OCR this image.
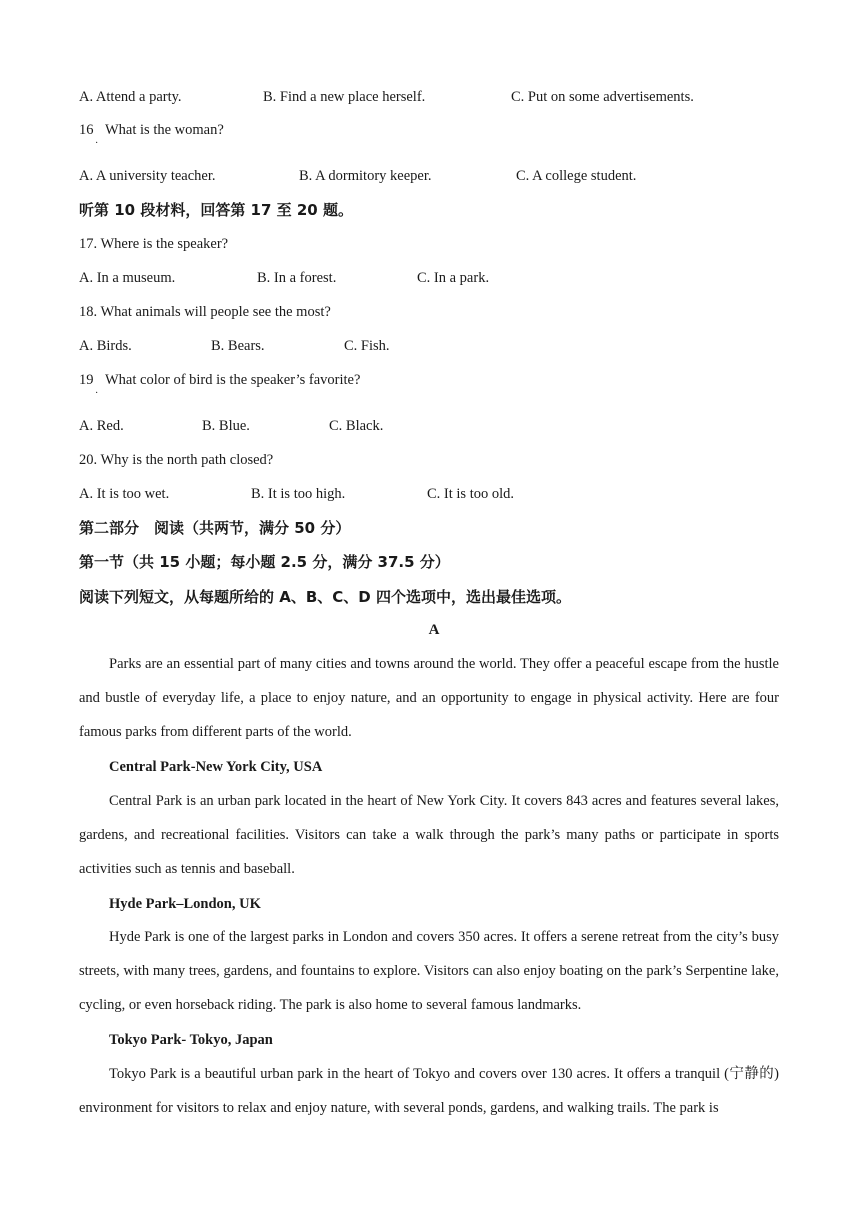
A. Attend a party.	B. Find a new place herself.	C. Put on some advertisements.
16
·
What is the woman?
A. A university teacher.	B. A dormitory keeper.	C. A college student.
听第 10 段材料，回答第 17 至 20 题。
17. Where is the speaker?
A. In a museum.	B. In a forest.	C. In a park.
18. What animals will people see the most?
A. Birds.	B. Bears.	C. Fish.
19
·
What color of bird is the speaker’s favorite?
A. Red.	B. Blue.	C. Black.
20. Why is the north path closed?
A. It is too wet.	B. It is too high.	C. It is too old.
第二部分　阅读（共两节，满分 50 分）
第一节（共 15 小题；每小题 2.5 分，满分 37.5 分）
阅读下列短文，从每题所给的 A、B、C、D 四个选项中，选出最佳选项。
A

Parks are an essential part of many cities and towns around the world. They offer a peaceful escape from the hustle and bustle of everyday life, a place to enjoy nature, and an opportunity to engage in physical activity. Here are four famous parks from different parts of the world.

Central Park-New York City, USA

Central Park is an urban park located in the heart of New York City. It covers 843 acres and features several lakes, gardens, and recreational facilities. Visitors can take a walk through the park’s many paths or participate in sports activities such as tennis and baseball.

Hyde Park–London, UK

Hyde Park is one of the largest parks in London and covers 350 acres. It offers a serene retreat from the city’s busy streets, with many trees, gardens, and fountains to explore. Visitors can also enjoy boating on the park’s Serpentine lake, cycling, or even horseback riding. The park is also home to several famous landmarks.

Tokyo Park- Tokyo, Japan

Tokyo Park is a beautiful urban park in the heart of Tokyo and covers over 130 acres. It offers a tranquil (宁静的) environment for visitors to relax and enjoy nature, with several ponds, gardens, and walking trails. The park is
